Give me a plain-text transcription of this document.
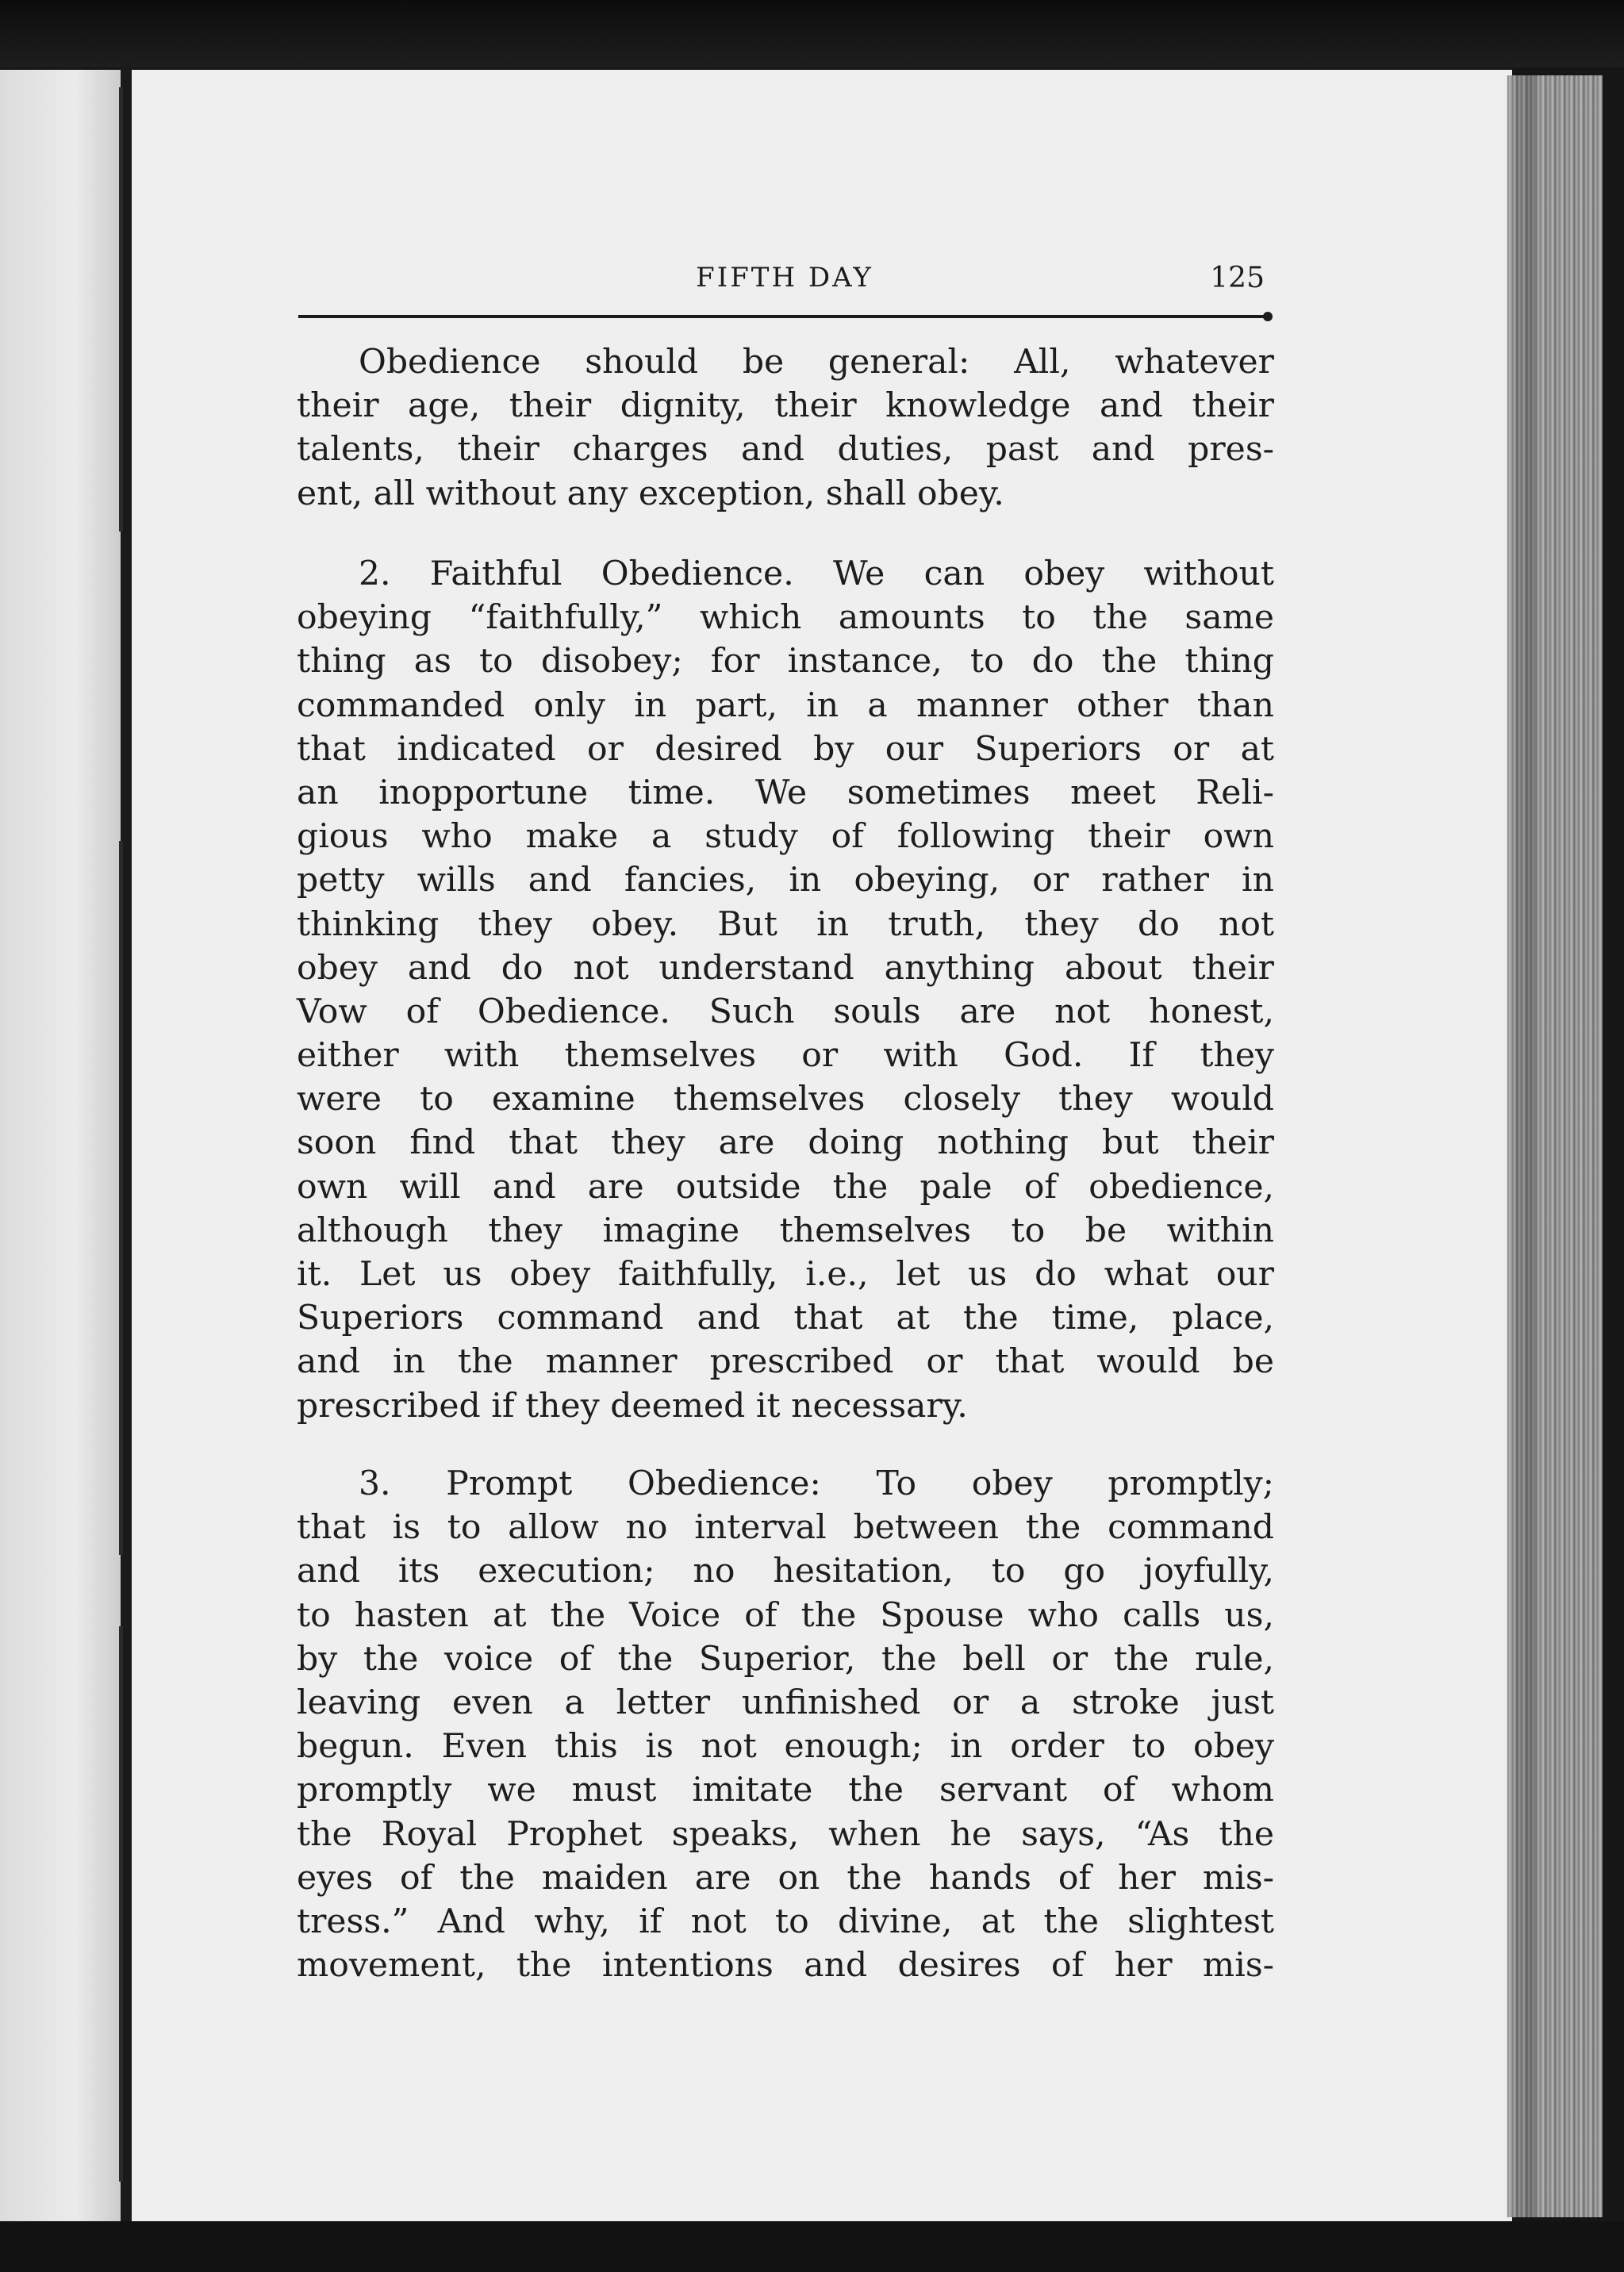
FIFTH DAY	125
Obedience should be general: All, whatever
their age, their dignity, their knowledge and their
talents, their charges and duties, past and pres-
ent, all without any exception, shall obey.
2. Faithful Obedience. We can obey without
obeying “faithfully,” which amounts to the same
thing as to disobey; for instance, to do the thing
commanded only in part, in a manner other than
that indicated or desired by our Superiors or at
an inopportune time. We sometimes meet Reli-
gious who make a study of following their own
petty wills and fancies, in obeying, or rather in
thinking they obey. But in truth, they do not
obey and do not understand anything about their
Vow of Obedience. Such souls are not honest,
either with themselves or with God. If they
were to examine themselves closely they would
soon find that they are doing nothing but their
own will and are outside the pale of obedience,
although they imagine themselves to be within
it. Let us obey faithfully, i.e., let us do what our
Superiors command and that at the time, place,
and in the manner prescribed or that would be
prescribed if they deemed it necessary.
3. Prompt Obedience: To obey promptly;
that is to allow no interval between the command
and its execution; no hesitation, to go joyfully,
to hasten at the Voice of the Spouse who calls us,
by the voice of the Superior, the bell or the rule,
leaving even a letter unfinished or a stroke just
begun. Even this is not enough; in order to obey
promptly we must imitate the servant of whom
the Royal Prophet speaks, when he says, “As the
eyes of the maiden are on the hands of her mis-
tress.” And why, if not to divine, at the slightest
movement, the intentions and desires of her mis-
